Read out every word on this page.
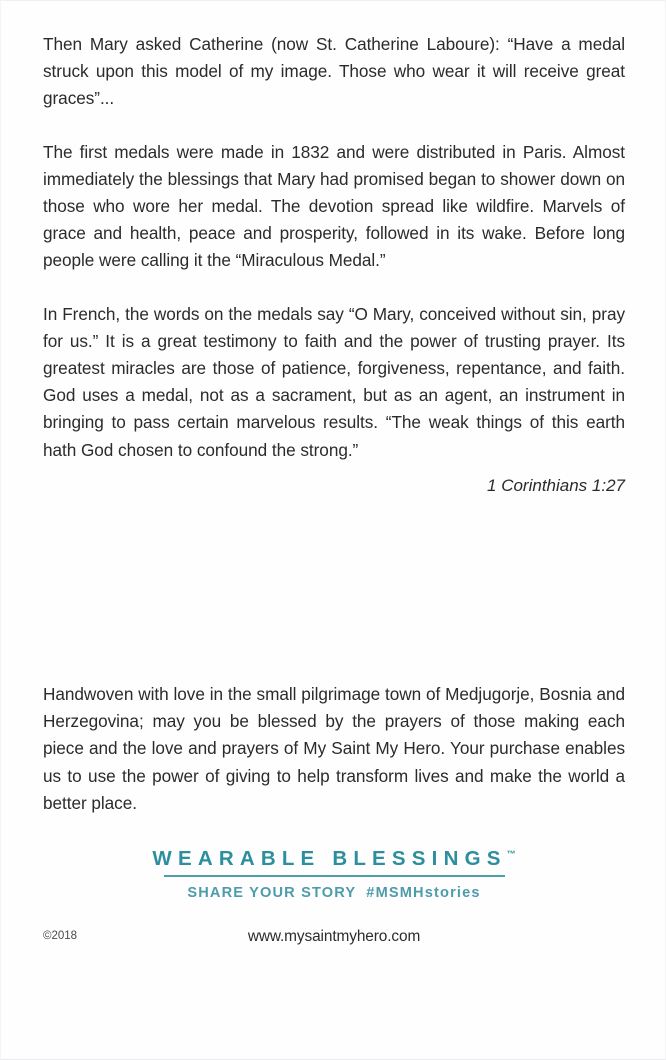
Then Mary asked Catherine (now St. Catherine Laboure): “Have a medal struck upon this model of my image. Those who wear it will receive great graces”...

The first medals were made in 1832 and were distributed in Paris. Almost immediately the blessings that Mary had promised began to shower down on those who wore her medal. The devotion spread like wildfire. Marvels of grace and health, peace and prosperity, followed in its wake. Before long people were calling it the “Miraculous Medal.”

In French, the words on the medals say “O Mary, conceived without sin, pray for us.” It is a great testimony to faith and the power of trusting prayer. Its greatest miracles are those of patience, forgiveness, repentance, and faith. God uses a medal, not as a sacrament, but as an agent, an instrument in bringing to pass certain marvelous results. “The weak things of this earth hath God chosen to confound the strong.”

1 Corinthians 1:27

Handwoven with love in the small pilgrimage town of Medjugorje, Bosnia and Herzegovina; may you be blessed by the prayers of those making each piece and the love and prayers of My Saint My Hero. Your purchase enables us to use the power of giving to help transform lives and make the world a better place.

WEARABLE BLESSINGS™
SHARE YOUR STORY #MSMHstories
©2018	www.mysaintmyhero.com
